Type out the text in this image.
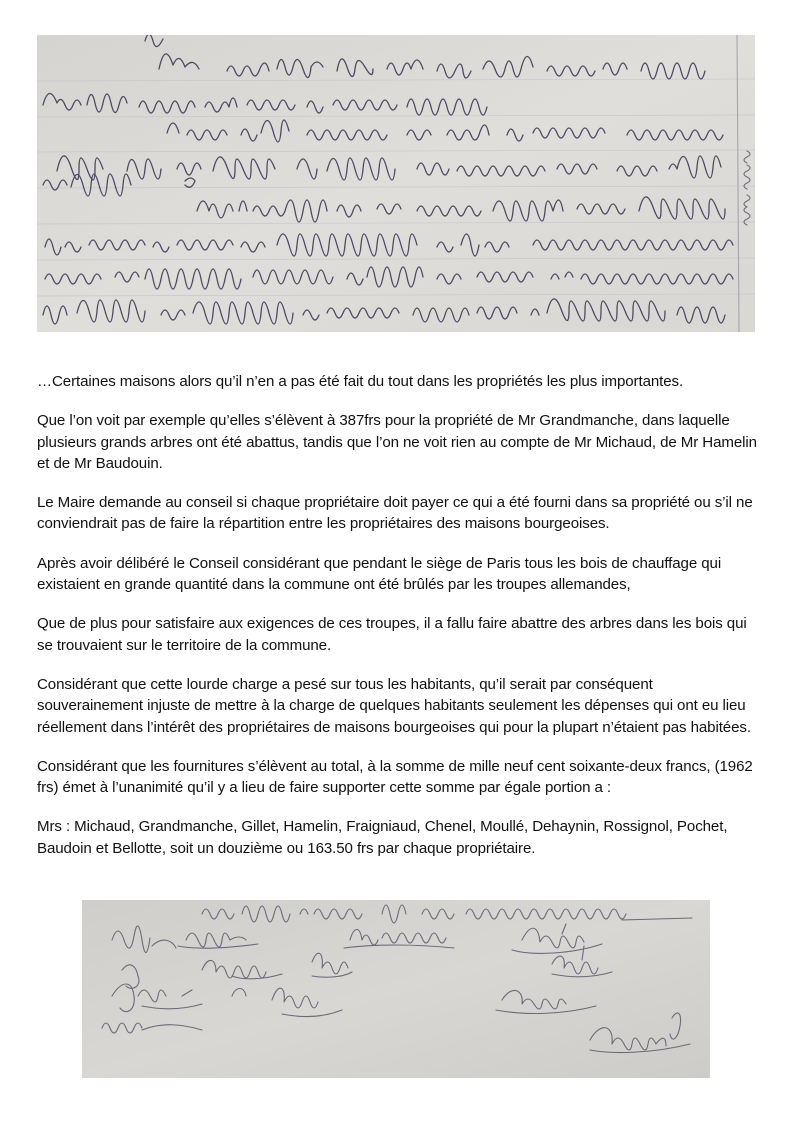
…Certaines maisons alors qu’il n’en a pas été fait du tout dans les propriétés les plus importantes.

Que l’on voit par exemple qu’elles s’élèvent à 387frs pour la propriété de Mr Grandmanche, dans laquelle plusieurs grands arbres ont été abattus, tandis que l’on ne voit rien au compte de Mr Michaud, de Mr Hamelin et de Mr Baudouin.

Le Maire demande au conseil si chaque propriétaire doit payer ce qui a été fourni dans sa propriété ou s’il ne conviendrait pas de faire la répartition entre les propriétaires des maisons bourgeoises.

Après avoir délibéré le Conseil considérant que pendant le siège de Paris tous les bois de chauffage qui existaient en grande quantité dans la commune ont été brûlés par les troupes allemandes,

Que de plus pour satisfaire aux exigences de ces troupes, il a fallu faire abattre des arbres dans les bois qui se trouvaient sur le territoire de la commune.

Considérant que cette lourde charge a pesé sur tous les habitants, qu’il serait par conséquent souverainement injuste de mettre à la charge de quelques habitants seulement les dépenses qui ont eu lieu réellement dans l’intérêt des propriétaires de maisons bourgeoises qui pour la plupart n’étaient pas habitées.

Considérant que les fournitures s’élèvent au total, à la somme de mille neuf cent soixante-deux francs, (1962 frs) émet à l’unanimité qu’il y a lieu de faire supporter cette somme par égale portion a :

Mrs : Michaud, Grandmanche, Gillet, Hamelin, Fraigniaud, Chenel, Moullé, Dehaynin, Rossignol, Pochet, Baudoin et Bellotte, soit un douzième ou 163.50 frs par chaque propriétaire.
